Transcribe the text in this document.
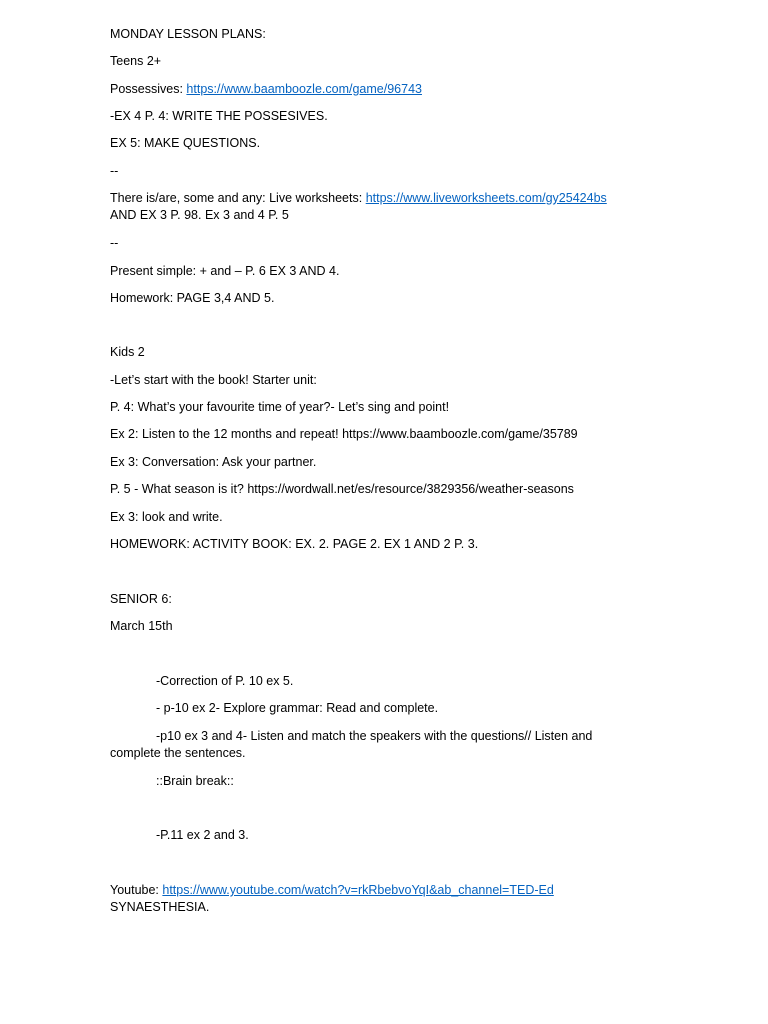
MONDAY LESSON PLANS:
Teens 2+
Possessives: https://www.baamboozle.com/game/96743
-EX 4 P. 4: WRITE THE POSSESIVES.
EX 5: MAKE QUESTIONS.
--
There is/are, some and any: Live worksheets: https://www.liveworksheets.com/gy25424bs
AND EX 3 P. 98. Ex 3 and 4 P. 5
--
Present simple: + and – P. 6 EX 3 AND 4.
Homework: PAGE 3,4 AND 5.
Kids 2
-Let’s start with the book! Starter unit:
P. 4: What’s your favourite time of year?- Let’s sing and point!
Ex 2: Listen to the 12 months and repeat! https://www.baamboozle.com/game/35789
Ex 3: Conversation: Ask your partner.
P. 5 - What season is it? https://wordwall.net/es/resource/3829356/weather-seasons
Ex 3: look and write.
HOMEWORK: ACTIVITY BOOK: EX. 2. PAGE 2. EX 1 AND 2 P. 3.
SENIOR 6:
March 15th
-Correction of P. 10 ex 5.
- p-10 ex 2- Explore grammar: Read and complete.
-p10 ex 3 and 4- Listen and match the speakers with the questions// Listen and
complete the sentences.
::Brain break::
-P.11 ex 2 and 3.
Youtube: https://www.youtube.com/watch?v=rkRbebvoYqI&ab_channel=TED-Ed
SYNAESTHESIA.
